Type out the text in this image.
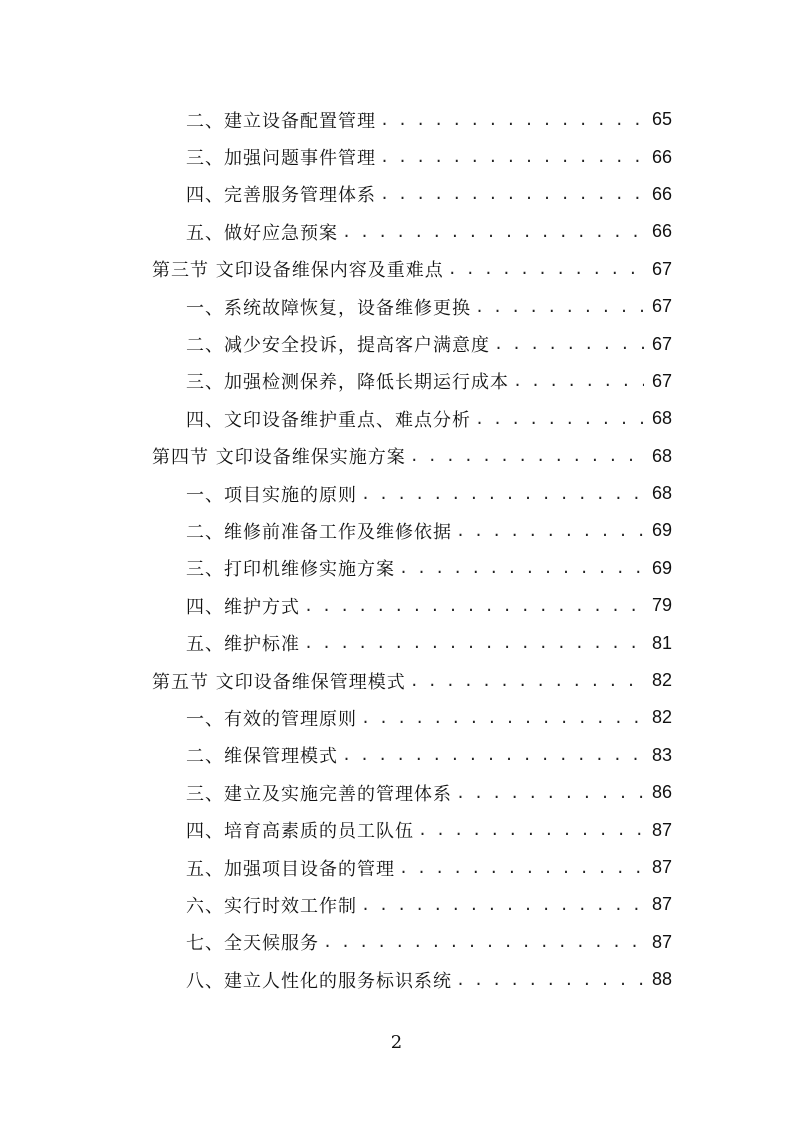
二、建立设备配置管理 . . .	65
三、加强问题事件管理 . . .	66
四、完善服务管理体系 . . .	66
五、做好应急预案 . . .	66
第三节 文印设备维保内容及重难点 . . .	67
一、系统故障恢复，设备维修更换 . . .	67
二、减少安全投诉，提高客户满意度 . . .	67
三、加强检测保养，降低长期运行成本 . . .	67
四、文印设备维护重点、难点分析 . . .	68
第四节 文印设备维保实施方案 . . .	68
一、项目实施的原则 . . .	68
二、维修前准备工作及维修依据 . . .	69
三、打印机维修实施方案 . . .	69
四、维护方式 . . .	79
五、维护标准 . . .	81
第五节 文印设备维保管理模式 . . .	82
一、有效的管理原则 . . .	82
二、维保管理模式 . . .	83
三、建立及实施完善的管理体系 . . .	86
四、培育高素质的员工队伍 . . .	87
五、加强项目设备的管理 . . .	87
六、实行时效工作制 . . .	87
七、全天候服务 . . .	87
八、建立人性化的服务标识系统 . . .	88
2
